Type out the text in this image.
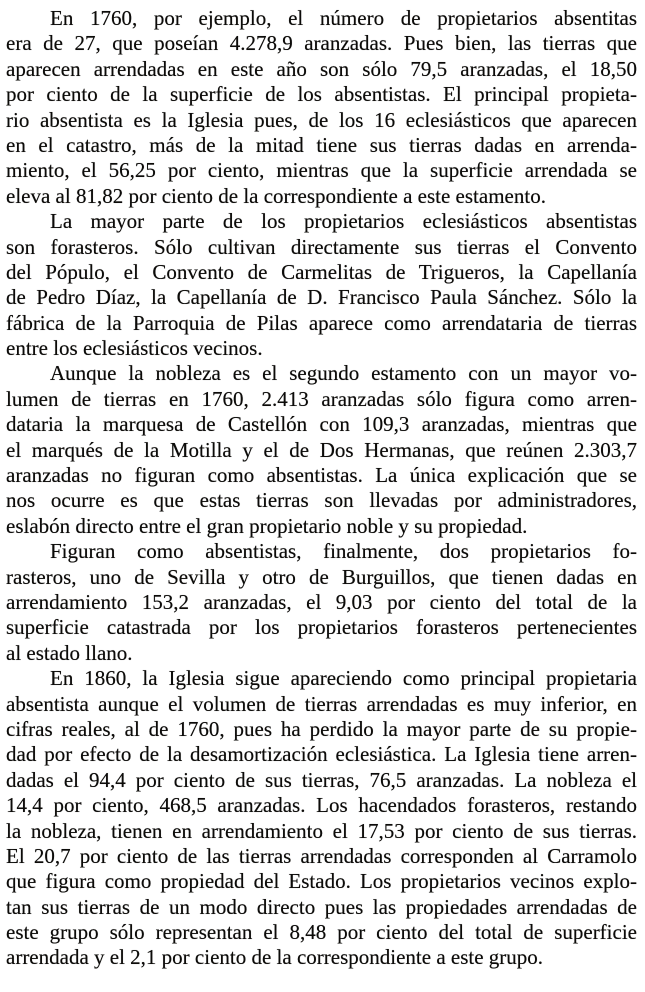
En 1760, por ejemplo, el número de propietarios absentitas
era de 27, que poseían 4.278,9 aranzadas. Pues bien, las tierras que
aparecen arrendadas en este año son sólo 79,5 aranzadas, el 18,50
por ciento de la superficie de los absentistas. El principal propieta-
rio absentista es la Iglesia pues, de los 16 eclesiásticos que aparecen
en el catastro, más de la mitad tiene sus tierras dadas en arrenda-
miento, el 56,25 por ciento, mientras que la superficie arrendada se
eleva al 81,82 por ciento de la correspondiente a este estamento.
La mayor parte de los propietarios eclesiásticos absentistas
son forasteros. Sólo cultivan directamente sus tierras el Convento
del Pópulo, el Convento de Carmelitas de Trigueros, la Capellanía
de Pedro Díaz, la Capellanía de D. Francisco Paula Sánchez. Sólo la
fábrica de la Parroquia de Pilas aparece como arrendataria de tierras
entre los eclesiásticos vecinos.
Aunque la nobleza es el segundo estamento con un mayor vo-
lumen de tierras en 1760, 2.413 aranzadas sólo figura como arren-
dataria la marquesa de Castellón con 109,3 aranzadas, mientras que
el marqués de la Motilla y el de Dos Hermanas, que reúnen 2.303,7
aranzadas no figuran como absentistas. La única explicación que se
nos ocurre es que estas tierras son llevadas por administradores,
eslabón directo entre el gran propietario noble y su propiedad.
Figuran como absentistas, finalmente, dos propietarios fo-
rasteros, uno de Sevilla y otro de Burguillos, que tienen dadas en
arrendamiento 153,2 aranzadas, el 9,03 por ciento del total de la
superficie catastrada por los propietarios forasteros pertenecientes
al estado llano.
En 1860, la Iglesia sigue apareciendo como principal propietaria
absentista aunque el volumen de tierras arrendadas es muy inferior, en
cifras reales, al de 1760, pues ha perdido la mayor parte de su propie-
dad por efecto de la desamortización eclesiástica. La Iglesia tiene arren-
dadas el 94,4 por ciento de sus tierras, 76,5 aranzadas. La nobleza el
14,4 por ciento, 468,5 aranzadas. Los hacendados forasteros, restando
la nobleza, tienen en arrendamiento el 17,53 por ciento de sus tierras.
El 20,7 por ciento de las tierras arrendadas corresponden al Carramolo
que figura como propiedad del Estado. Los propietarios vecinos explo-
tan sus tierras de un modo directo pues las propiedades arrendadas de
este grupo sólo representan el 8,48 por ciento del total de superficie
arrendada y el 2,1 por ciento de la correspondiente a este grupo.
